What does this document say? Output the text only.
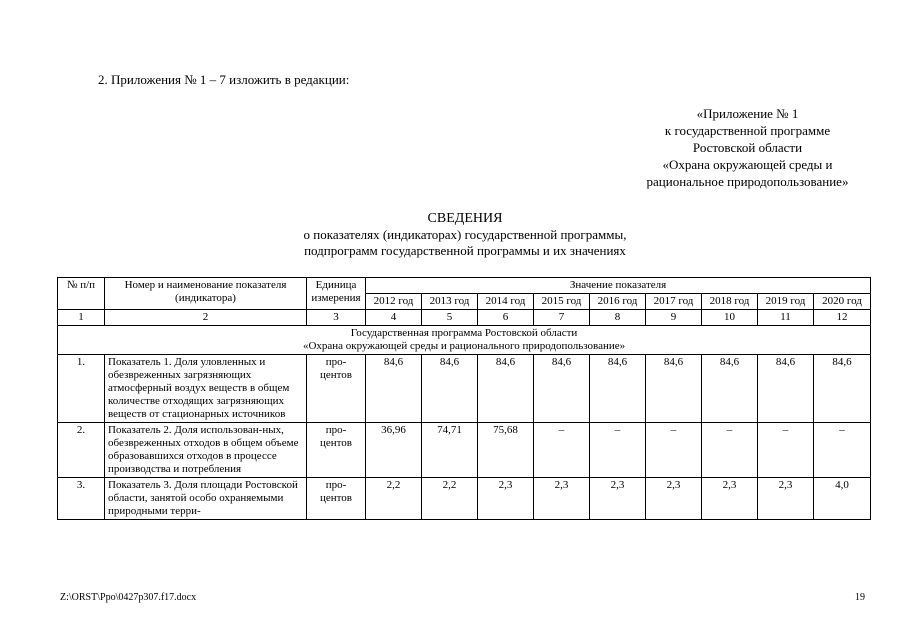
2. Приложения № 1 – 7 изложить в редакции:
«Приложение № 1
к государственной программе
Ростовской области
«Охрана окружающей среды и
рациональное природопользование»
СВЕДЕНИЯ
о показателях (индикаторах) государственной программы,
подпрограмм государственной программы и их значениях
№ п/п	Номер и наименование показателя (индикатора)	Единица измерения	Значение показателя								
			2012 год	2013 год	2014 год	2015 год	2016 год	2017 год	2018 год	2019 год	2020 год
1	2	3	4	5	6	7	8	9	10	11	12

Государственная программа Ростовской области
«Охрана окружающей среды и рационального природопользование»											

1.	Показатель 1. Доля уловленных и обезвреженных загрязняющих атмосферный воздух веществ в общем количестве отходящих загрязняющих веществ от стационарных источников	про-центов	84,6	84,6	84,6	84,6	84,6	84,6	84,6	84,6	84,6
2.	Показатель 2. Доля использован-ных, обезвреженных отходов в общем объеме образовавшихся отходов в процессе производства и потребления	про-центов	36,96	74,71	75,68	–	–	–	–	–	–
3.	Показатель 3. Доля площади Ростовской области, занятой особо охраняемыми природными терри-	про-центов	2,2	2,2	2,3	2,3	2,3	2,3	2,3	2,3	4,0
Z:\ORST\Ppo\0427p307.f17.docx	19
